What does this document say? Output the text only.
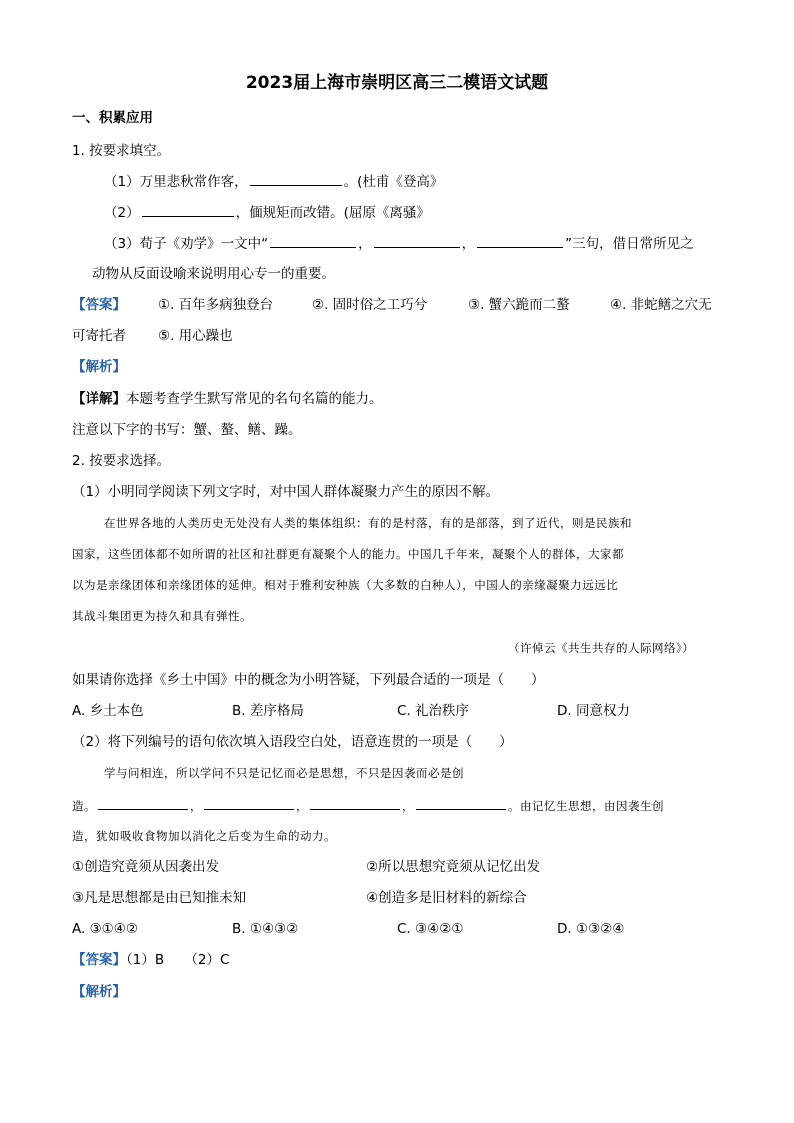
2023届上海市崇明区高三二模语文试题
一、积累应用
1. 按要求填空。
（1）万里悲秋常作客，	。(杜甫《登高》
（2）	，偭规矩而改错。(屈原《离骚》
（3）荀子《劝学》一文中“	，	，	”三句，借日常所见之
动物从反面设喻来说明用心专一的重要。
【答案】 ①. 百年多病独登台	②. 固时俗之工巧兮	③. 蟹六跪而二螯	④. 非蛇鳝之穴无
可寄托者 ⑤. 用心躁也
【解析】
【详解】本题考查学生默写常见的名句名篇的能力。
注意以下字的书写：蟹、螯、鳝、躁。
2. 按要求选择。
（1）小明同学阅读下列文字时，对中国人群体凝聚力产生的原因不解。
在世界各地的人类历史无处没有人类的集体组织：有的是村落，有的是部落，到了近代，则是民族和
国家，这些团体都不如所谓的社区和社群更有凝聚个人的能力。中国几千年来，凝聚个人的群体，大家都
以为是亲缘团体和亲缘团体的延伸。相对于雅利安种族（大多数的白种人），中国人的亲缘凝聚力远远比
其战斗集团更为持久和具有弹性。
（许倬云《共生共存的人际网络》）
如果请你选择《乡土中国》中的概念为小明答疑，下列最合适的一项是（　　）
A. 乡土本色	B. 差序格局	C. 礼治秩序	D. 同意权力
（2）将下列编号的语句依次填入语段空白处，语意连贯的一项是（　　）
学与问相连，所以学问不只是记忆而必是思想，不只是因袭而必是创
造。	，	，	，	。由记忆生思想，由因袭生创
造，犹如吸收食物加以消化之后变为生命的动力。
①创造究竟须从因袭出发	②所以思想究竟须从记忆出发
③凡是思想都是由已知推未知	④创造多是旧材料的新综合
A. ③①④②	B. ①④③②	C. ③④②①	D. ①③②④
【答案】（1）B　　（2）C
【解析】
